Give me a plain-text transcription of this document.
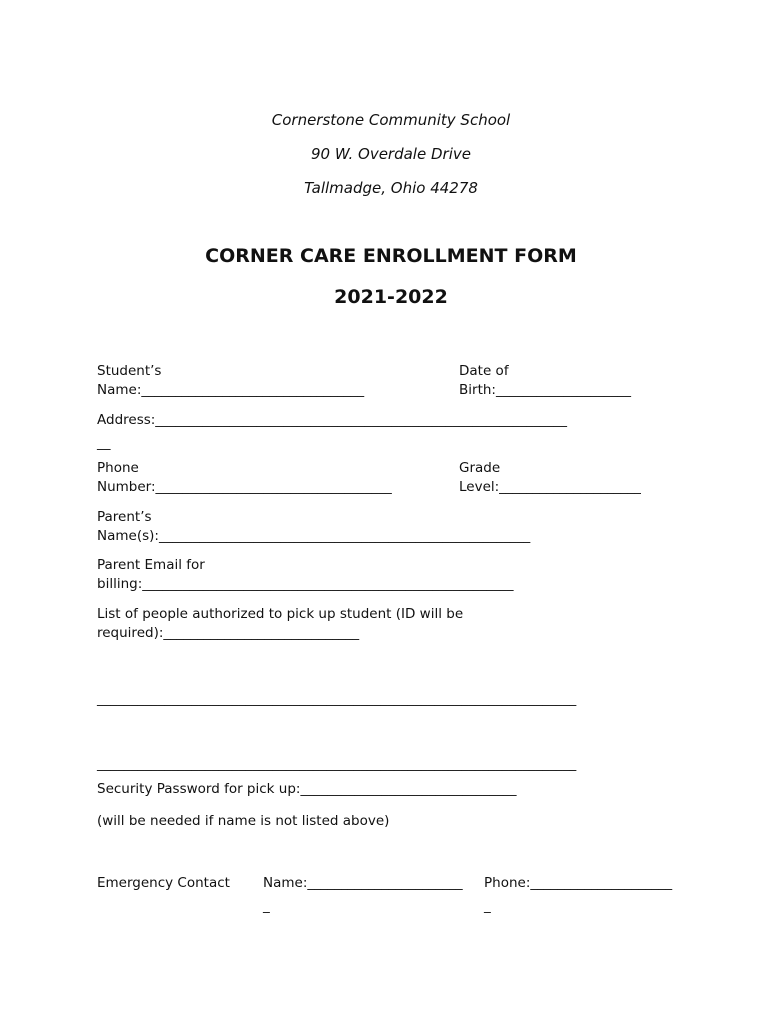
Cornerstone Community School
90 W. Overdale Drive
Tallmadge, Ohio 44278
CORNER CARE ENROLLMENT FORM
2021-2022
Student’s
Name:_________________________________
Date of
Birth:____________________
Address:_____________________________________________________________
__
Phone
Number:___________________________________
Grade
Level:_____________________
Parent’s
Name(s):_______________________________________________________
Parent Email for
billing:_______________________________________________________
List of people authorized to pick up student (ID will be
required):_____________________________
_______________________________________________________________________
_______________________________________________________________________
Security Password for pick up:________________________________
(will be needed if name is not listed above)
Emergency Contact Name:_______________________
_
Phone:_____________________
_
